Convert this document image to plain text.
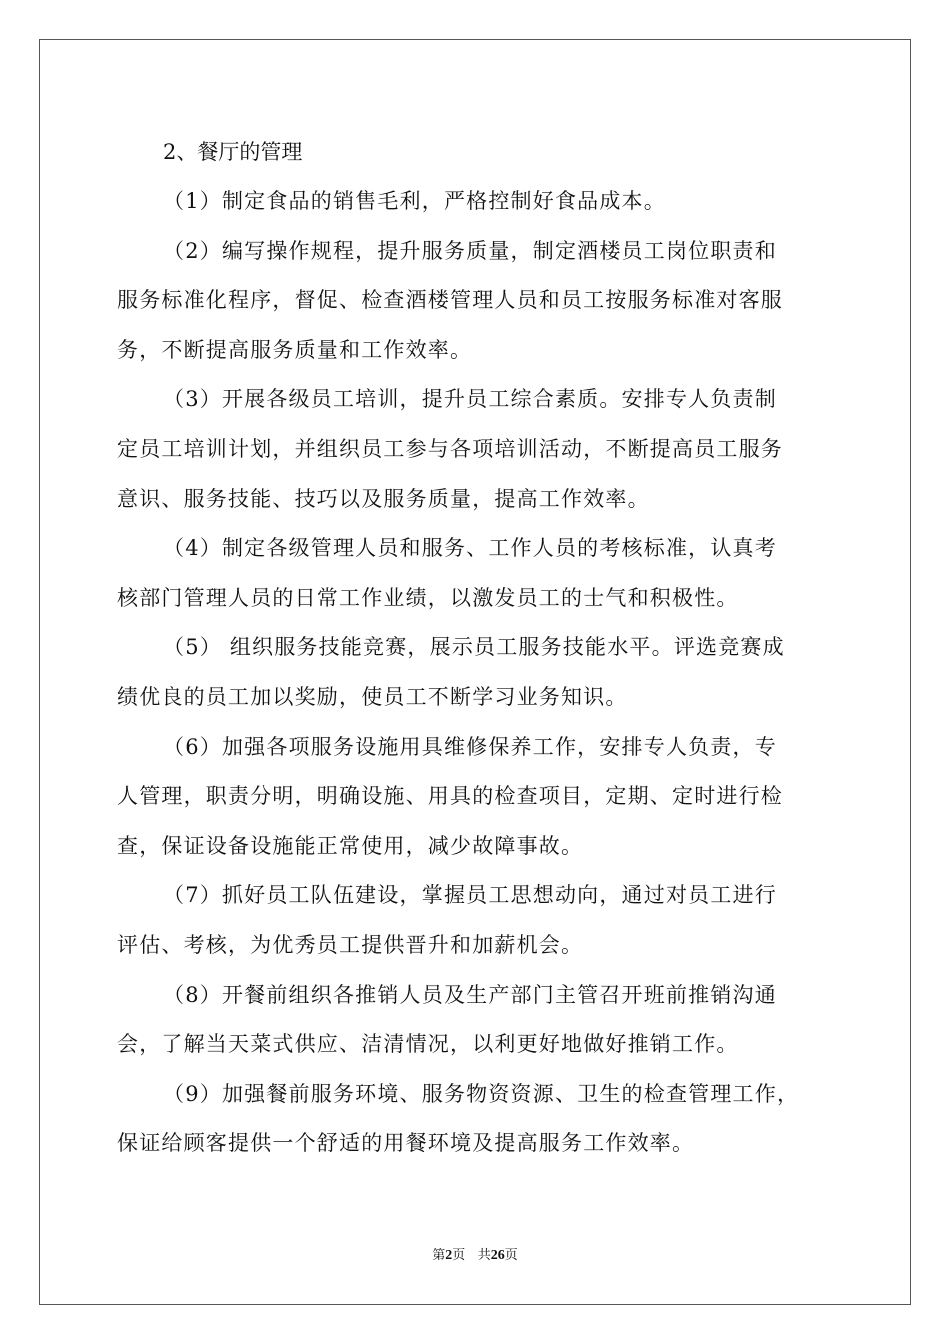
2、餐厅的管理

（1）制定食品的销售毛利，严格控制好食品成本。

（2）编写操作规程，提升服务质量，制定酒楼员工岗位职责和
服务标准化程序，督促、检查酒楼管理人员和员工按服务标准对客服
务，不断提高服务质量和工作效率。

（3）开展各级员工培训，提升员工综合素质。安排专人负责制
定员工培训计划，并组织员工参与各项培训活动，不断提高员工服务
意识、服务技能、技巧以及服务质量，提高工作效率。

（4）制定各级管理人员和服务、工作人员的考核标准，认真考
核部门管理人员的日常工作业绩，以激发员工的士气和积极性。

（5） 组织服务技能竞赛，展示员工服务技能水平。评选竞赛成
绩优良的员工加以奖励，使员工不断学习业务知识。

（6）加强各项服务设施用具维修保养工作，安排专人负责，专
人管理，职责分明，明确设施、用具的检查项目，定期、定时进行检
查，保证设备设施能正常使用，减少故障事故。

（7）抓好员工队伍建设，掌握员工思想动向，通过对员工进行
评估、考核，为优秀员工提供晋升和加薪机会。

（8）开餐前组织各推销人员及生产部门主管召开班前推销沟通
会，了解当天菜式供应、洁清情况，以利更好地做好推销工作。

（9）加强餐前服务环境、服务物资资源、卫生的检查管理工作，
保证给顾客提供一个舒适的用餐环境及提高服务工作效率。

第2页 共26页
